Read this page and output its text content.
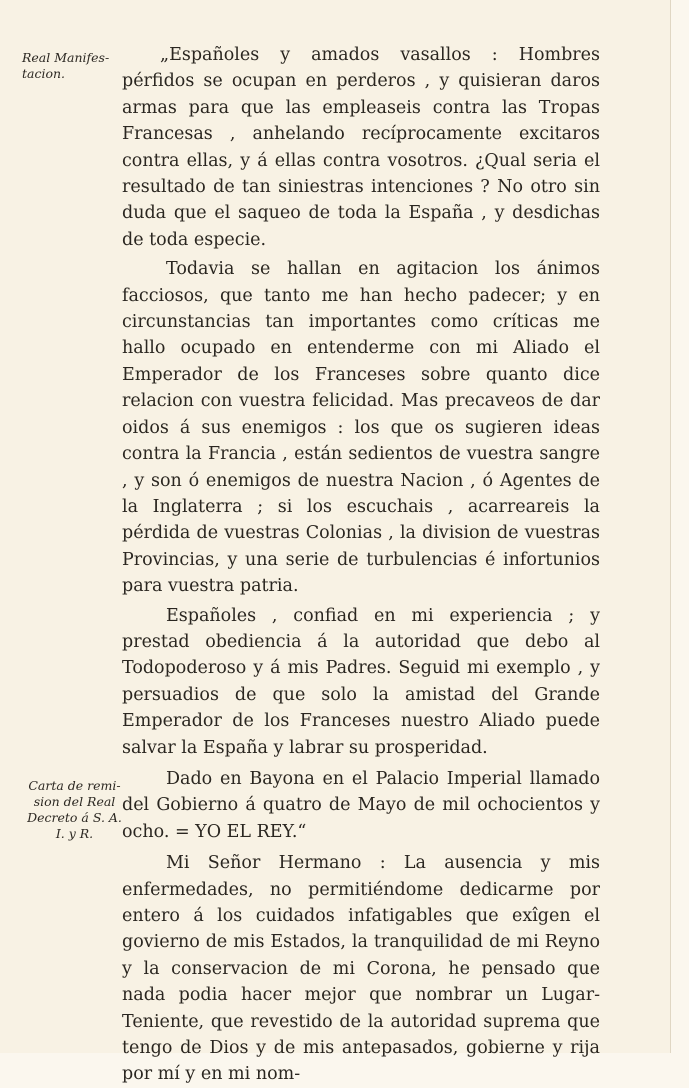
Real Manifes- tacion.
Carta de remi- sion del Real Decreto á S. A. I. y R.

„Españoles y amados vasallos : Hombres pérfidos se ocupan en perderos , y quisieran daros armas para que las empleaseis contra las Tropas Francesas , anhelando recíprocamente excitaros contra ellas, y á ellas contra vosotros. ¿Qual seria el resultado de tan siniestras intenciones ? No otro sin duda que el saqueo de toda la España , y desdichas de toda especie.

Todavia se hallan en agitacion los ánimos facciosos, que tanto me han hecho padecer; y en circunstancias tan importantes como críticas me hallo ocupado en entenderme con mi Aliado el Emperador de los Franceses sobre quanto dice relacion con vuestra felicidad. Mas precaveos de dar oidos á sus enemigos : los que os sugieren ideas contra la Francia , están sedientos de vuestra sangre , y son ó enemigos de nuestra Nacion , ó Agentes de la Inglaterra ; si los escuchais , acarreareis la pérdida de vuestras Colonias , la division de vuestras Provincias, y una serie de turbulencias é infortunios para vuestra patria.

Españoles , confiad en mi experiencia ; y prestad obediencia á la autoridad que debo al Todopoderoso y á mis Padres. Seguid mi exemplo , y persuadios de que solo la amistad del Grande Emperador de los Franceses nuestro Aliado puede salvar la España y labrar su prosperidad.

Dado en Bayona en el Palacio Imperial llamado del Gobierno á quatro de Mayo de mil ochocientos y ocho. = YO EL REY.“

Mi Señor Hermano : La ausencia y mis enfermedades, no permitiéndome dedicarme por entero á los cuidados infatigables que exîgen el govierno de mis Estados, la tranquilidad de mi Reyno y la conservacion de mi Corona, he pensado que nada podia hacer mejor que nombrar un Lugar-Teniente, que revestido de la autoridad suprema que tengo de Dios y de mis antepasados, gobierne y rija por mí y en mi nom-
